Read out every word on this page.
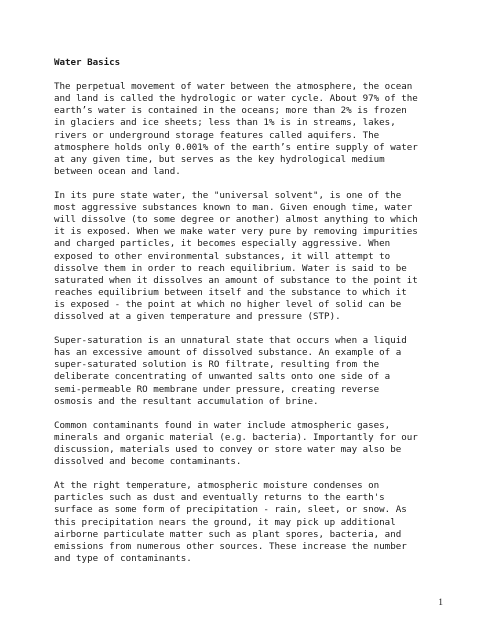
Water Basics
The perpetual movement of water between the atmosphere, the ocean
and land is called the hydrologic or water cycle. About 97% of the
earth’s water is contained in the oceans; more than 2% is frozen
in glaciers and ice sheets; less than 1% is in streams, lakes,
rivers or underground storage features called aquifers. The
atmosphere holds only 0.001% of the earth’s entire supply of water
at any given time, but serves as the key hydrological medium
between ocean and land.
In its pure state water, the "universal solvent", is one of the
most aggressive substances known to man. Given enough time, water
will dissolve (to some degree or another) almost anything to which
it is exposed. When we make water very pure by removing impurities
and charged particles, it becomes especially aggressive. When
exposed to other environmental substances, it will attempt to
dissolve them in order to reach equilibrium. Water is said to be
saturated when it dissolves an amount of substance to the point it
reaches equilibrium between itself and the substance to which it
is exposed - the point at which no higher level of solid can be
dissolved at a given temperature and pressure (STP).
Super-saturation is an unnatural state that occurs when a liquid
has an excessive amount of dissolved substance. An example of a
super-saturated solution is RO filtrate, resulting from the
deliberate concentrating of unwanted salts onto one side of a
semi-permeable RO membrane under pressure, creating reverse
osmosis and the resultant accumulation of brine.
Common contaminants found in water include atmospheric gases,
minerals and organic material (e.g. bacteria). Importantly for our
discussion, materials used to convey or store water may also be
dissolved and become contaminants.
At the right temperature, atmospheric moisture condenses on
particles such as dust and eventually returns to the earth's
surface as some form of precipitation - rain, sleet, or snow. As
this precipitation nears the ground, it may pick up additional
airborne particulate matter such as plant spores, bacteria, and
emissions from numerous other sources. These increase the number
and type of contaminants.
1
